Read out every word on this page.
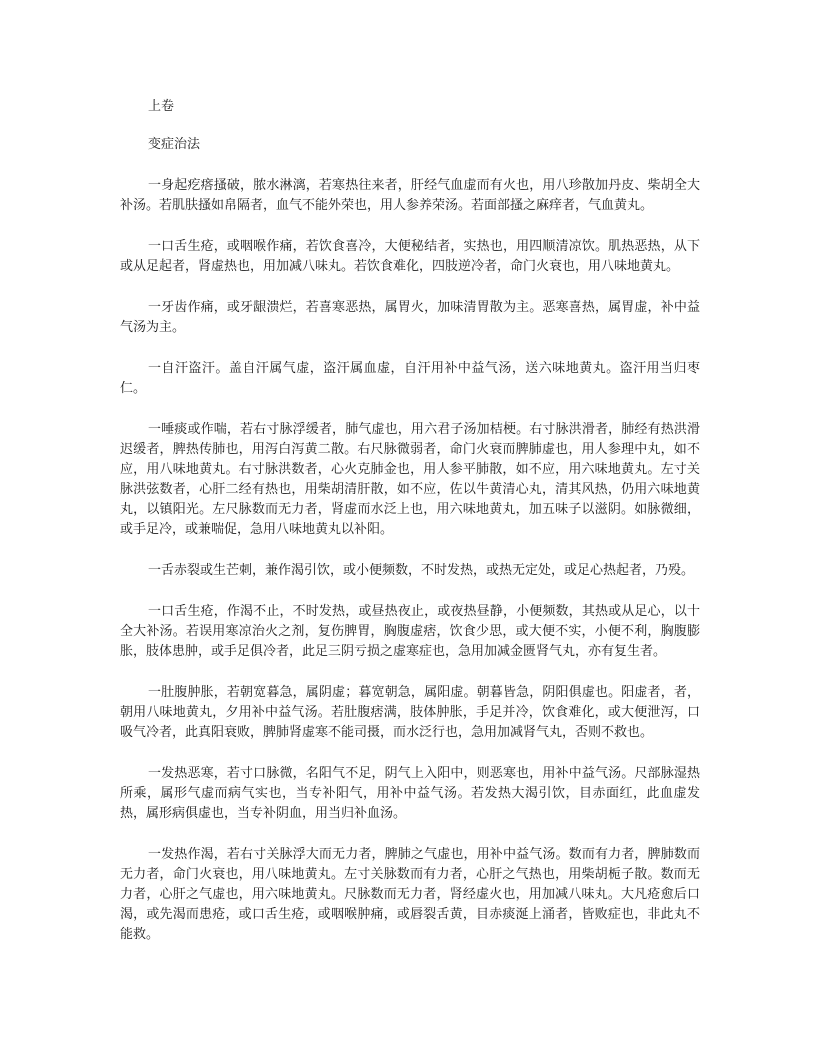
上卷
变症治法

一身起疙瘩搔破，脓水淋漓，若寒热往来者，肝经气血虚而有火也，用八珍散加丹皮、柴胡全大补汤。若肌肤搔如帛隔者，血气不能外荣也，用人参养荣汤。若面部搔之麻痒者，气血黄丸。

一口舌生疮，或咽喉作痛，若饮食喜冷，大便秘结者，实热也，用四顺清凉饮。肌热恶热，从下或从足起者，肾虚热也，用加减八味丸。若饮食难化，四肢逆冷者，命门火衰也，用八味地黄丸。

一牙齿作痛，或牙龈溃烂，若喜寒恶热，属胃火，加味清胃散为主。恶寒喜热，属胃虚，补中益气汤为主。

一自汗盗汗。盖自汗属气虚，盗汗属血虚，自汗用补中益气汤，送六味地黄丸。盗汗用当归枣仁。

一唾痰或作喘，若右寸脉浮缓者，肺气虚也，用六君子汤加桔梗。右寸脉洪滑者，肺经有热洪滑迟缓者，脾热传肺也，用泻白泻黄二散。右尺脉微弱者，命门火衰而脾肺虚也，用人参理中丸，如不应，用八味地黄丸。右寸脉洪数者，心火克肺金也，用人参平肺散，如不应，用六味地黄丸。左寸关脉洪弦数者，心肝二经有热也，用柴胡清肝散，如不应，佐以牛黄清心丸，清其风热，仍用六味地黄丸，以镇阳光。左尺脉数而无力者，肾虚而水泛上也，用六味地黄丸，加五味子以滋阴。如脉微细，或手足冷，或兼喘促，急用八味地黄丸以补阳。

一舌赤裂或生芒刺，兼作渴引饮，或小便频数，不时发热，或热无定处，或足心热起者，乃殁。

一口舌生疮，作渴不止，不时发热，或昼热夜止，或夜热昼静，小便频数，其热或从足心，以十全大补汤。若误用寒凉治火之剂，复伤脾胃，胸腹虚痞，饮食少思，或大便不实，小便不利，胸腹膨胀，肢体患肿，或手足俱冷者，此足三阴亏损之虚寒症也，急用加减金匮肾气丸，亦有复生者。

一肚腹肿胀，若朝宽暮急，属阴虚；暮宽朝急，属阳虚。朝暮皆急，阴阳俱虚也。阳虚者，者，朝用八味地黄丸，夕用补中益气汤。若肚腹痞满，肢体肿胀，手足并冷，饮食难化，或大便泄泻，口吸气冷者，此真阳衰败，脾肺肾虚寒不能司摄，而水泛行也，急用加减肾气丸，否则不救也。

一发热恶寒，若寸口脉微，名阳气不足，阴气上入阳中，则恶寒也，用补中益气汤。尺部脉湿热所乘，属形气虚而病气实也，当专补阳气，用补中益气汤。若发热大渴引饮，目赤面红，此血虚发热，属形病俱虚也，当专补阴血，用当归补血汤。

一发热作渴，若右寸关脉浮大而无力者，脾肺之气虚也，用补中益气汤。数而有力者，脾肺数而无力者，命门火衰也，用八味地黄丸。左寸关脉数而有力者，心肝之气热也，用柴胡栀子散。数而无力者，心肝之气虚也，用六味地黄丸。尺脉数而无力者，肾经虚火也，用加减八味丸。大凡疮愈后口渴，或先渴而患疮，或口舌生疮，或咽喉肿痛，或唇裂舌黄，目赤痰涎上涌者，皆败症也，非此丸不能救。
